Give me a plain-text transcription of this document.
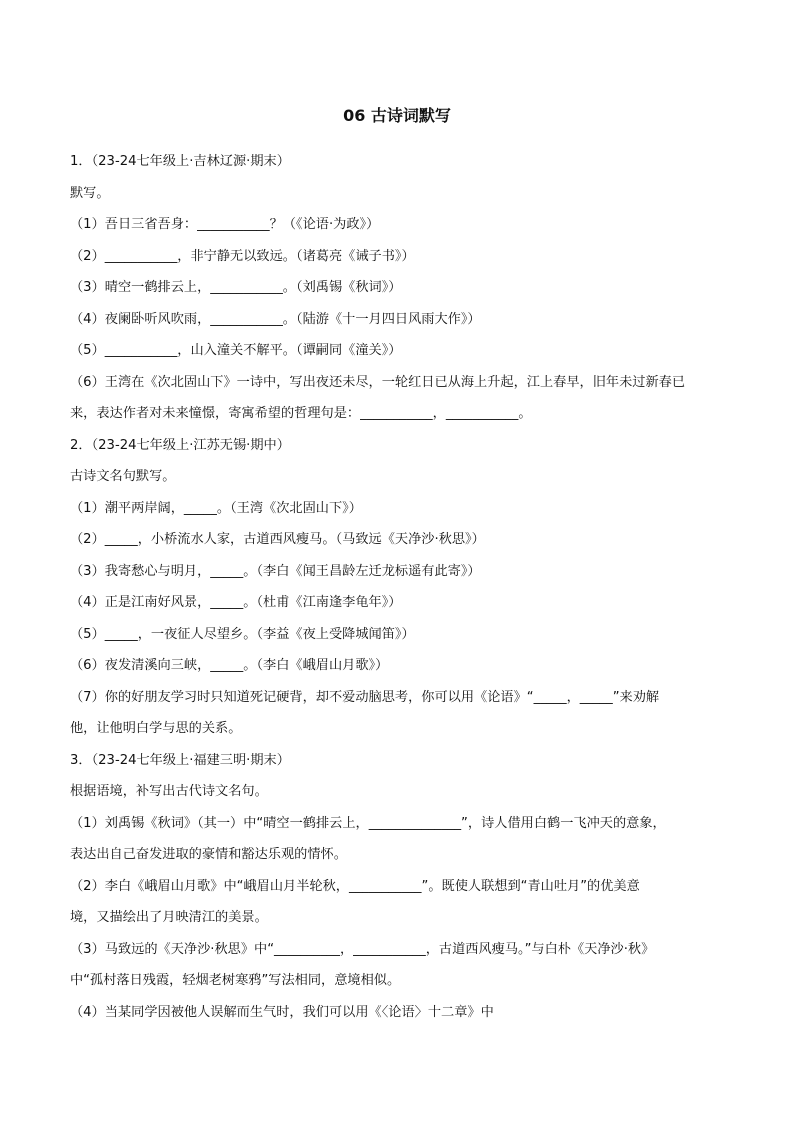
06 古诗词默写

1．（23-24七年级上·吉林辽源·期末）

默写。

（1）吾日三省吾身：___________？（《论语·为政》）

（2）___________，非宁静无以致远。（诸葛亮《诫子书》）

（3）晴空一鹤排云上，___________。（刘禹锡《秋词》）

（4）夜阑卧听风吹雨，___________。（陆游《十一月四日风雨大作》）

（5）___________，山入潼关不解平。（谭嗣同《潼关》）

（6）王湾在《次北固山下》一诗中，写出夜还未尽，一轮红日已从海上升起，江上春早，旧年未过新春已

来，表达作者对未来憧憬，寄寓希望的哲理句是：___________，___________。

2．（23-24七年级上·江苏无锡·期中）

古诗文名句默写。

（1）潮平两岸阔，_____。（王湾《次北固山下》）

（2）_____，小桥流水人家，古道西风瘦马。（马致远《天净沙·秋思》）

（3）我寄愁心与明月，_____。（李白《闻王昌龄左迁龙标遥有此寄》）

（4）正是江南好风景，_____。（杜甫《江南逢李龟年》）

（5）_____，一夜征人尽望乡。（李益《夜上受降城闻笛》）

（6）夜发清溪向三峡，_____。（李白《峨眉山月歌》）

（7）你的好朋友学习时只知道死记硬背，却不爱动脑思考，你可以用《论语》“_____，_____”来劝解

他，让他明白学与思的关系。

3．（23-24七年级上·福建三明·期末）

根据语境，补写出古代诗文名句。

（1）刘禹锡《秋词》（其一）中“晴空一鹤排云上，______________”，诗人借用白鹤一飞冲天的意象，

表达出自己奋发进取的豪情和豁达乐观的情怀。

（2）李白《峨眉山月歌》中“峨眉山月半轮秋，___________”。既使人联想到“青山吐月”的优美意

境，又描绘出了月映清江的美景。

（3）马致远的《天净沙·秋思》中“__________，___________，古道西风瘦马。”与白朴《天净沙·秋》

中“孤村落日残霞，轻烟老树寒鸦”写法相同，意境相似。

（4）当某同学因被他人误解而生气时，我们可以用《〈论语〉十二章》中
